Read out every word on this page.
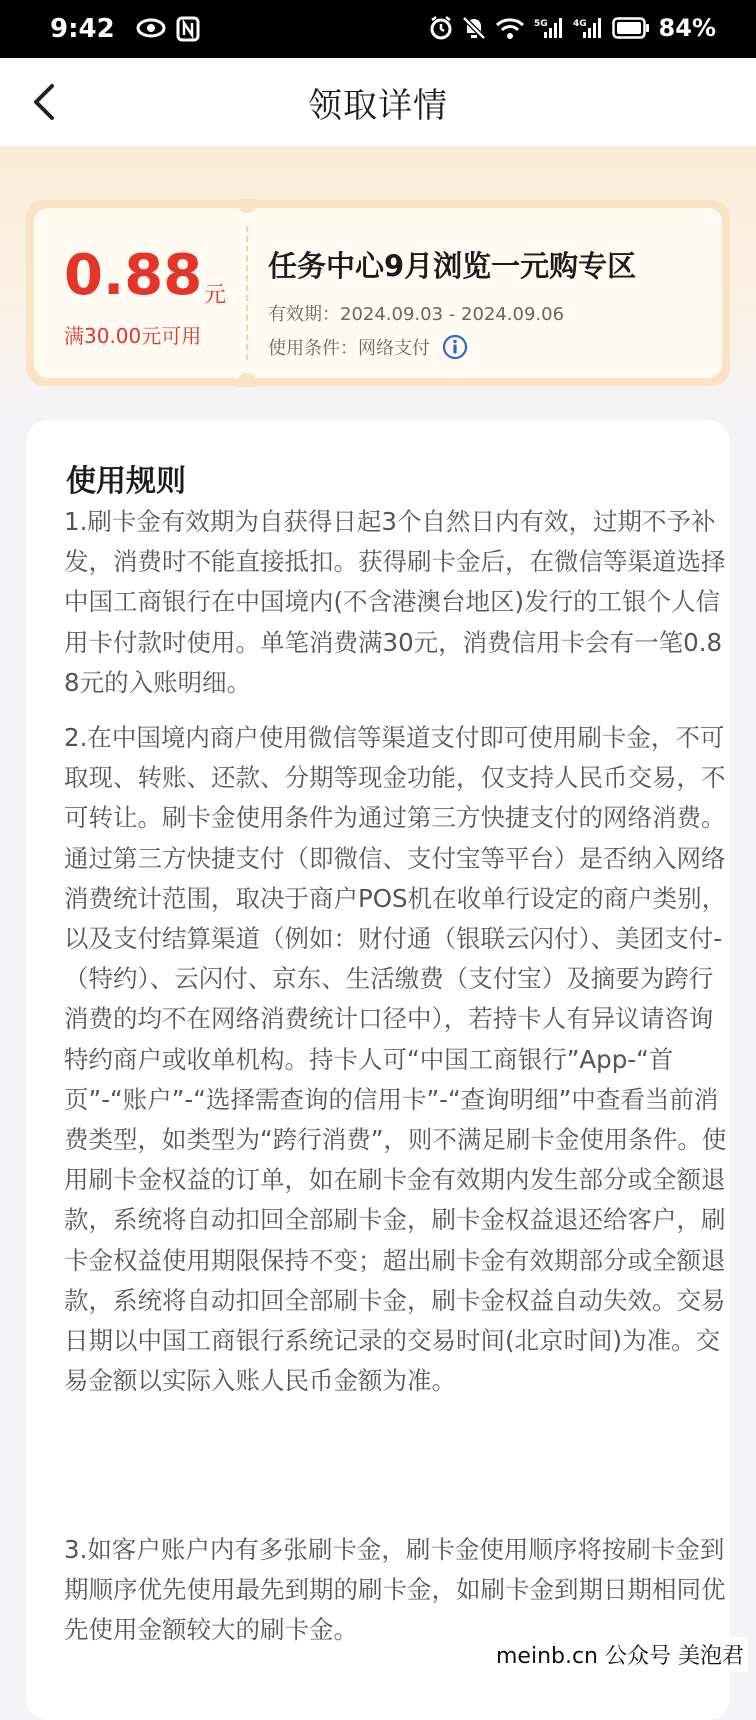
9:42	5G	4G	84%
领取详情
0.88 元
满30.00元可用
任务中心9月浏览一元购专区
有效期：2024.09.03 - 2024.09.06
使用条件：网络支付
使用规则

1.刷卡金有效期为自获得日起3个自然日内有效，过期不予补发，消费时不能直接抵扣。获得刷卡金后，在微信等渠道选择中国工商银行在中国境内(不含港澳台地区)发行的工银个人信用卡付款时使用。单笔消费满30元，消费信用卡会有一笔0.88元的入账明细。

2.在中国境内商户使用微信等渠道支付即可使用刷卡金，不可取现、转账、还款、分期等现金功能，仅支持人民币交易，不可转让。刷卡金使用条件为通过第三方快捷支付的网络消费。通过第三方快捷支付（即微信、支付宝等平台）是否纳入网络消费统计范围，取决于商户POS机在收单行设定的商户类别，以及支付结算渠道（例如：财付通（银联云闪付）、美团支付-（特约）、云闪付、京东、生活缴费（支付宝）及摘要为跨行消费的均不在网络消费统计口径中），若持卡人有异议请咨询特约商户或收单机构。持卡人可“中国工商银行”App-“首页”-“账户”-“选择需查询的信用卡”-“查询明细”中查看当前消费类型，如类型为“跨行消费”，则不满足刷卡金使用条件。使用刷卡金权益的订单，如在刷卡金有效期内发生部分或全额退款，系统将自动扣回全部刷卡金，刷卡金权益退还给客户，刷卡金权益使用期限保持不变；超出刷卡金有效期部分或全额退款，系统将自动扣回全部刷卡金，刷卡金权益自动失效。交易日期以中国工商银行系统记录的交易时间(北京时间)为准。交易金额以实际入账人民币金额为准。

3.如客户账户内有多张刷卡金，刷卡金使用顺序将按刷卡金到期顺序优先使用最先到期的刷卡金，如刷卡金到期日期相同优先使用金额较大的刷卡金。

meinb.cn 公众号 美泡君
